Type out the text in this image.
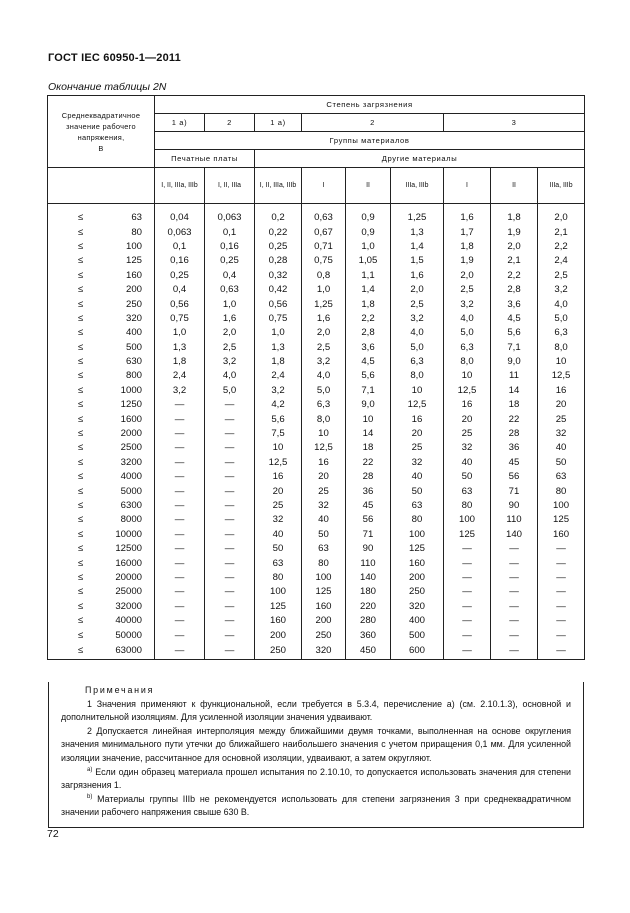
ГОСТ IEC 60950-1—2011
Окончание таблицы 2N
Среднеквадратичное значение рабочего напряжения,
В	Степень загрязнения								
	1 a)	2	1 a)	2			3		
	Группы материалов								
	Печатные платы		Другие материалы						
	I, II, IIIa, IIIb	I, II, IIIa	I, II, IIIa, IIIb	I	II	IIIa, IIIb	I	II	IIIa, IIIb

≤ 63	0,04	0,063	0,2	0,63	0,9	1,25	1,6	1,8	2,0
≤ 80	0,063	0,1	0,22	0,67	0,9	1,3	1,7	1,9	2,1
≤ 100	0,1	0,16	0,25	0,71	1,0	1,4	1,8	2,0	2,2
≤ 125	0,16	0,25	0,28	0,75	1,05	1,5	1,9	2,1	2,4
≤ 160	0,25	0,4	0,32	0,8	1,1	1,6	2,0	2,2	2,5
≤ 200	0,4	0,63	0,42	1,0	1,4	2,0	2,5	2,8	3,2
≤ 250	0,56	1,0	0,56	1,25	1,8	2,5	3,2	3,6	4,0
≤ 320	0,75	1,6	0,75	1,6	2,2	3,2	4,0	4,5	5,0
≤ 400	1,0	2,0	1,0	2,0	2,8	4,0	5,0	5,6	6,3
≤ 500	1,3	2,5	1,3	2,5	3,6	5,0	6,3	7,1	8,0
≤ 630	1,8	3,2	1,8	3,2	4,5	6,3	8,0	9,0	10
≤ 800	2,4	4,0	2,4	4,0	5,6	8,0	10	11	12,5
≤ 1000	3,2	5,0	3,2	5,0	7,1	10	12,5	14	16
≤ 1250	—	—	4,2	6,3	9,0	12,5	16	18	20
≤ 1600	—	—	5,6	8,0	10	16	20	22	25
≤ 2000	—	—	7,5	10	14	20	25	28	32
≤ 2500	—	—	10	12,5	18	25	32	36	40
≤ 3200	—	—	12,5	16	22	32	40	45	50
≤ 4000	—	—	16	20	28	40	50	56	63
≤ 5000	—	—	20	25	36	50	63	71	80
≤ 6300	—	—	25	32	45	63	80	90	100
≤ 8000	—	—	32	40	56	80	100	110	125
≤ 10000	—	—	40	50	71	100	125	140	160
≤ 12500	—	—	50	63	90	125	—	—	—
≤ 16000	—	—	63	80	110	160	—	—	—
≤ 20000	—	—	80	100	140	200	—	—	—
≤ 25000	—	—	100	125	180	250	—	—	—
≤ 32000	—	—	125	160	220	320	—	—	—
≤ 40000	—	—	160	200	280	400	—	—	—
≤ 50000	—	—	200	250	360	500	—	—	—
≤ 63000	—	—	250	320	450	600	—	—	—

Примечания

1 Значения применяют к функциональной, если требуется в 5.3.4, перечисление а) (см. 2.10.1.3), основной и дополнительной изоляциям. Для усиленной изоляции значения удваивают.

2 Допускается линейная интерполяция между ближайшими двумя точками, выполненная на основе округления значения минимального пути утечки до ближайшего наибольшего значения с учетом приращения 0,1 мм. Для усиленной изоляции значение, рассчитанное для основной изоляции, удваивают, а затем округляют.

$^{a)}$ Если один образец материала прошел испытания по 2.10.10, то допускается использовать значения для степени загрязнения 1.

$^{b)}$ Материалы группы IIIb не рекомендуется использовать для степени загрязнения 3 при среднеквадратичном значении рабочего напряжения свыше 630 В.

72
